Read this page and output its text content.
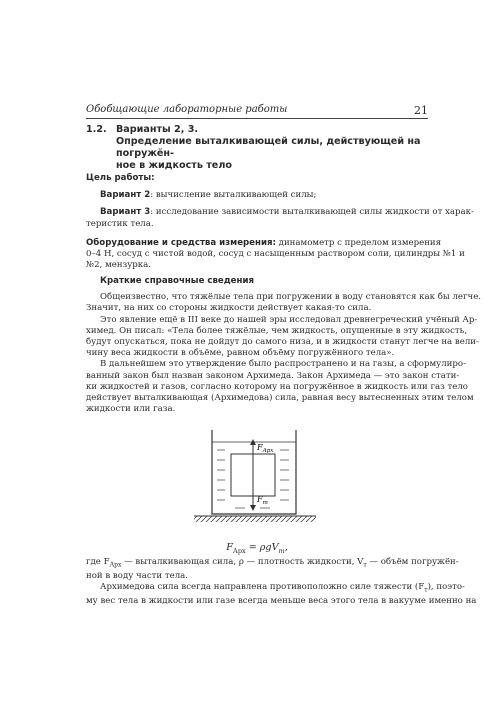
Обобщающие лабораторные работы	21
1.2. Варианты 2, 3.
Определение выталкивающей силы, действующей на погружён-
ное в жидкость тело
Цель работы:
Вариант 2: вычисление выталкивающей силы;
Вариант 3: исследование зависимости выталкивающей силы жидкости от харак-
теристик тела.
Оборудование и средства измерения: динамометр с пределом измерения
0–4 Н, сосуд с чистой водой, сосуд с насыщенным раствором соли, цилиндры №1 и
№2, мензурка.
Краткие справочные сведения
Общеизвестно, что тяжёлые тела при погружении в воду становятся как бы легче.
Значит, на них со стороны жидкости действует какая-то сила.
Это явление ещё в III веке до нашей эры исследовал древнегреческий учёный Ар-
химед. Он писал: «Тела более тяжёлые, чем жидкость, опущенные в эту жидкость,
будут опускаться, пока не дойдут до самого низа, и в жидкости станут легче на вели-
чину веса жидкости в объёме, равном объёму погружённого тела».
В дальнейшем это утверждение было распространено и на газы, а сформулиро-
ванный закон был назван законом Архимеда. Закон Архимеда — это закон стати-
ки жидкостей и газов, согласно которому на погружённое в жидкость или газ тело
действует выталкивающая (Архимедова) сила, равная весу вытесненных этим телом
жидкости или газа.
$F_{Арх}$
$F_т$
$F_{Арх} = \rho gV_т$,
где $F_{Арх}$ — выталкивающая сила, ρ — плотность жидкости, $V_т$ — объём погружён-
ной в воду части тела.
Архимедова сила всегда направлена противоположно силе тяжести $(F_т)$, поэто-
му вес тела в жидкости или газе всегда меньше веса этого тела в вакууме именно на
